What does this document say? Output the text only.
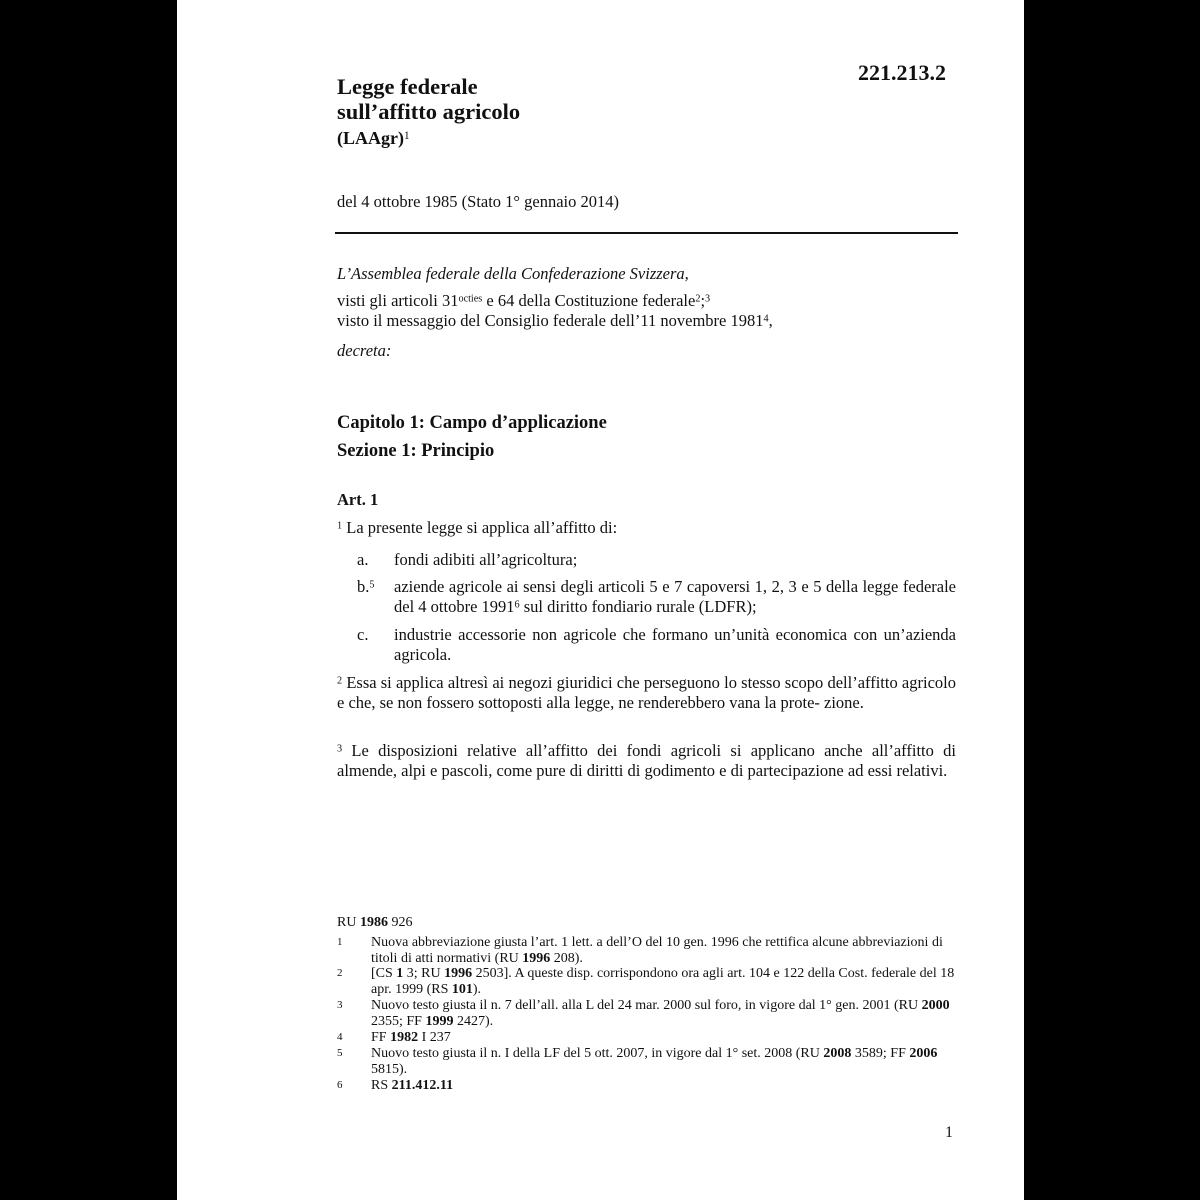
221.213.2
Legge federale
sull’affitto agricolo
(LAAgr)$^1$
del 4 ottobre 1985 (Stato 1° gennaio 2014)
L’Assemblea federale della Confederazione Svizzera,
visti gli articoli $31^{octies}$ e 64 della Costituzione federale$^2$;$^3$
visto il messaggio del Consiglio federale dell’11 novembre 1981$^4$,
decreta:
Capitolo 1: Campo d’applicazione
Sezione 1: Principio
Art. 1
$^1$ La presente legge si applica all’affitto di:
a. fondi adibiti all’agricoltura;
b.$^5$ aziende agricole ai sensi degli articoli 5 e 7 capoversi 1, 2, 3 e 5 della legge federale del 4 ottobre 1991$^6$ sul diritto fondiario rurale (LDFR);
c. industrie accessorie non agricole che formano un’unità economica con un’azienda agricola.
$^2$ Essa si applica altresì ai negozi giuridici che perseguono lo stesso scopo dell’affitto agricolo e che, se non fossero sottoposti alla legge, ne renderebbero vana la prote- zione.
$^3$ Le disposizioni relative all’affitto dei fondi agricoli si applicano anche all’affitto di almende, alpi e pascoli, come pure di diritti di godimento e di partecipazione ad essi relativi.
RU 1986 926
1 Nuova abbreviazione giusta l’art. 1 lett. a dell’O del 10 gen. 1996 che rettifica alcune abbreviazioni di titoli di atti normativi (RU 1996 208).
2 [CS 1 3; RU 1996 2503]. A queste disp. corrispondono ora agli art. 104 e 122 della Cost. federale del 18 apr. 1999 (RS 101).
3 Nuovo testo giusta il n. 7 dell’all. alla L del 24 mar. 2000 sul foro, in vigore dal 1° gen. 2001 (RU 2000 2355; FF 1999 2427).
4 FF 1982 I 237
5 Nuovo testo giusta il n. I della LF del 5 ott. 2007, in vigore dal 1° set. 2008 (RU 2008 3589; FF 2006 5815).
6 RS 211.412.11
1
